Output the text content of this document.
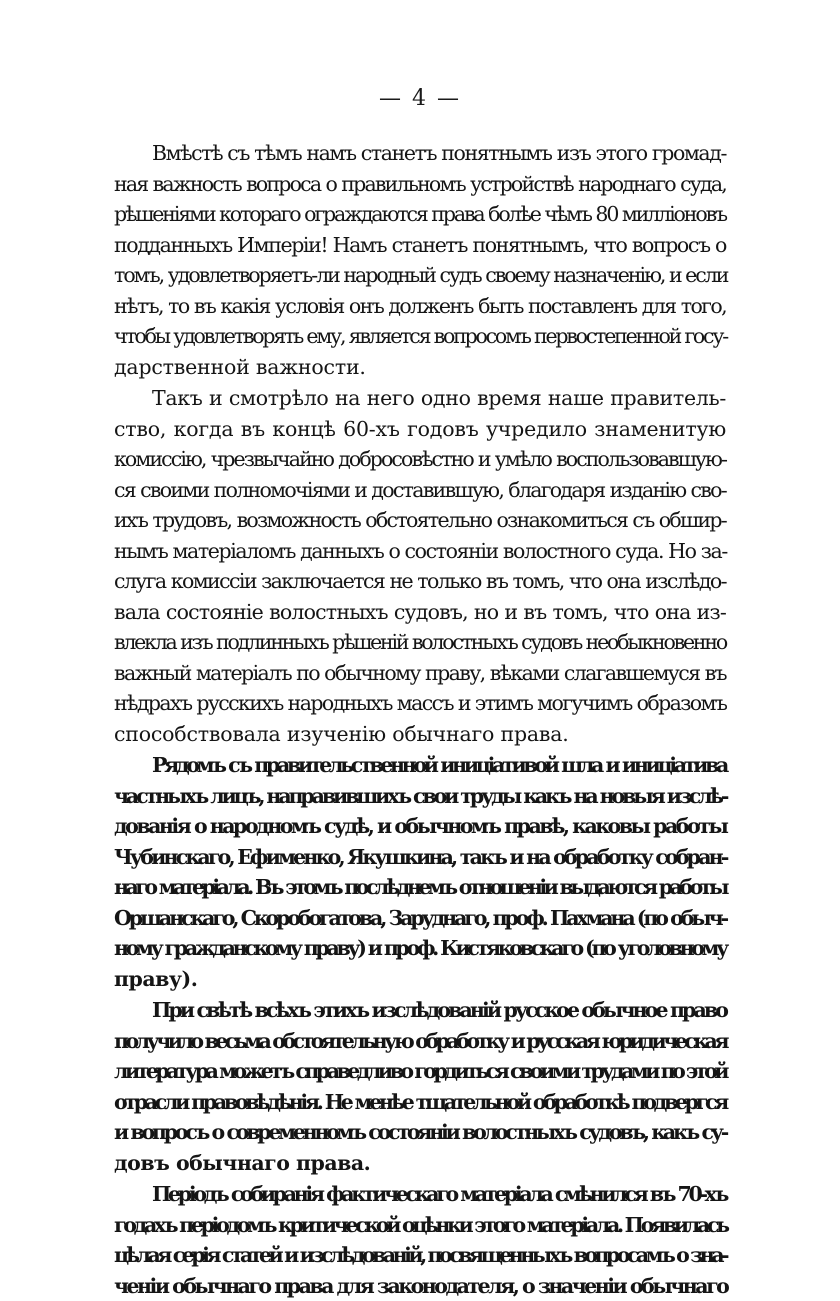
— 4 —

Вмѣстѣ съ тѣмъ намъ станетъ понятнымъ изъ этого громад-
ная важность вопроса о правильномъ устройствѣ народнаго суда,
рѣшеніями котораго ограждаются права болѣе чѣмъ 80 милліоновъ
подданныхъ Имперіи! Намъ станетъ понятнымъ, что вопросъ о
томъ, удовлетворяетъ-ли народный судъ своему назначенію, и если
нѣтъ, то въ какія условія онъ долженъ быть поставленъ для того,
чтобы удовлетворять ему, является вопросомъ первостепенной госу-
дарственной важности.

Такъ и смотрѣло на него одно время наше правитель-
ство, когда въ концѣ 60-хъ годовъ учредило знаменитую
комиссію, чрезвычайно добросовѣстно и умѣло воспользовавшую-
ся своими полномочіями и доставившую, благодаря изданію сво-
ихъ трудовъ, возможность обстоятельно ознакомиться съ обшир-
нымъ матеріаломъ данныхъ о состояніи волостного суда. Но за-
слуга комиссіи заключается не только въ томъ, что она изслѣдо-
вала состояніе волостныхъ судовъ, но и въ томъ, что она из-
влекла изъ подлинныхъ рѣшеній волостныхъ судовъ необыкновенно
важный матеріалъ по обычному праву, вѣками слагавшемуся въ
нѣдрахъ русскихъ народныхъ массъ и этимъ могучимъ образомъ
способствовала изученію обычнаго права.

Рядомъ съ правительственной иниціативой шла и иниціатива
частныхъ лицъ, направившихъ свои труды какъ на новыя изслѣ-
дованія о народномъ судѣ, и обычномъ правѣ, каковы работы
Чубинскаго, Ефименко, Якушкина, такъ и на обработку собран-
наго матеріала. Въ этомъ послѣднемъ отношеніи выдаются работы
Оршанскаго, Скоробогатова, Заруднаго, проф. Пахмана (по обыч-
ному гражданскому праву) и проф. Кистяковскаго (по уголовному
праву).

При свѣтѣ всѣхъ этихъ изслѣдованій русское обычное право
получило весьма обстоятельную обработку и русская юридическая
литература можетъ справедливо гордиться своими трудами по этой
отрасли правовѣдѣнія. Не менѣе тщательной обработкѣ подвергся
и вопросъ о современномъ состояніи волостныхъ судовъ, какъ су-
довъ обычнаго права.

Періодъ собиранія фактическаго матеріала смѣнился въ 70-хъ
годахъ періодомъ критической оцѣнки этого матеріала. Появилась
цѣлая серія статей и изслѣдованій, посвященныхъ вопросамъ о зна-
ченіи обычнаго права для законодателя, о значеніи обычнаго
